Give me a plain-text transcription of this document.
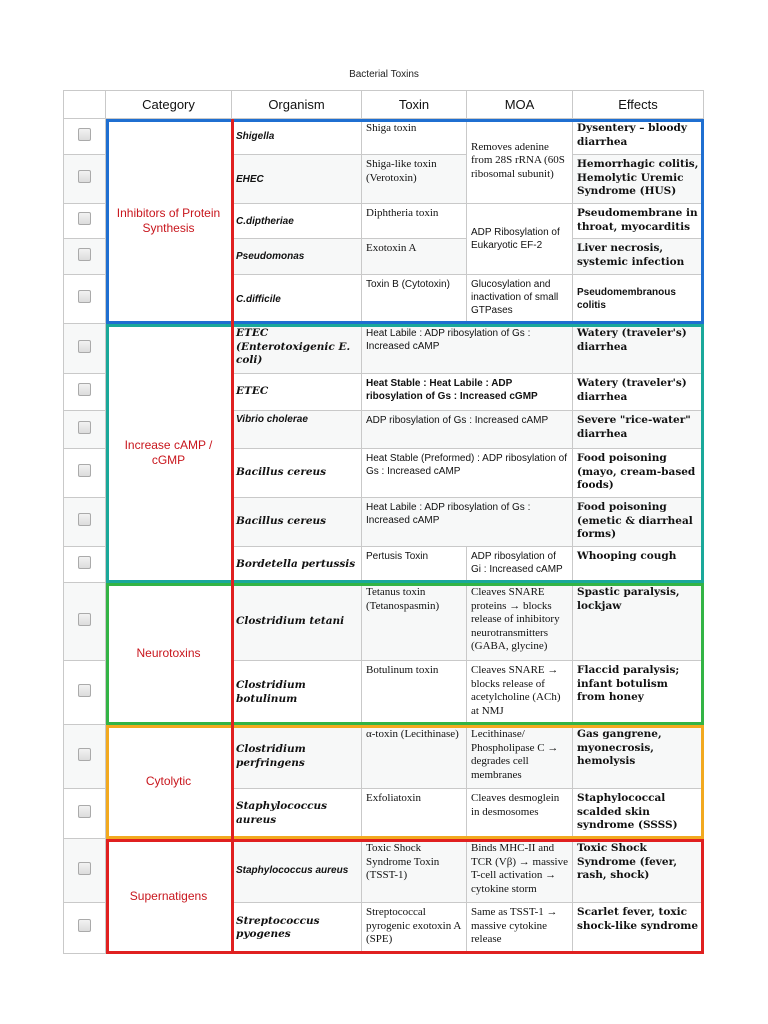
Bacterial Toxins
	Category	Organism	Toxin	MOA	Effects
	Inhibitors of Protein Synthesis	Shigella	Shiga toxin	Removes adenine from 28S rRNA (60S ribosomal subunit)	Dysentery – bloody diarrhea
		EHEC	Shiga-like toxin (Verotoxin)		Hemorrhagic colitis, Hemolytic Uremic Syndrome (HUS)
		C.diptheriae	Diphtheria toxin	ADP Ribosylation of Eukaryotic EF-2	Pseudomembrane in throat, myocarditis
		Pseudomonas	Exotoxin A		Liver necrosis, systemic infection
		C.difficile	Toxin B (Cytotoxin)	Glucosylation and inactivation of small GTPases	Pseudomembranous colitis
	Increase cAMP / cGMP	ETEC (Enterotoxigenic E. coli)	Heat Labile : ADP ribosylation of Gs : Increased cAMP		Watery (traveler's) diarrhea
		ETEC	Heat Stable : Heat Labile : ADP ribosylation of Gs : Increased cGMP		Watery (traveler's) diarrhea
		Vibrio cholerae	ADP ribosylation of Gs : Increased cAMP		Severe "rice-water" diarrhea
		Bacillus cereus	Heat Stable (Preformed) : ADP ribosylation of Gs : Increased cAMP		Food poisoning (mayo, cream-based foods)
		Bacillus cereus	Heat Labile : ADP ribosylation of Gs : Increased cAMP		Food poisoning (emetic & diarrheal forms)
		Bordetella pertussis	Pertusis Toxin	ADP ribosylation of Gi : Increased cAMP	Whooping cough
	Neurotoxins	Clostridium tetani	Tetanus toxin (Tetanospasmin)	Cleaves SNARE proteins → blocks release of inhibitory neurotransmitters (GABA, glycine)	Spastic paralysis, lockjaw
		Clostridium botulinum	Botulinum toxin	Cleaves SNARE → blocks release of acetylcholine (ACh) at NMJ	Flaccid paralysis; infant botulism from honey
	Cytolytic	Clostridium perfringens	α-toxin (Lecithinase)	Lecithinase/ Phospholipase C → degrades cell membranes	Gas gangrene, myonecrosis, hemolysis
		Staphylococcus aureus	Exfoliatoxin	Cleaves desmoglein in desmosomes	Staphylococcal scalded skin syndrome (SSSS)
	Supernatigens	Staphylococcus aureus	Toxic Shock Syndrome Toxin (TSST-1)	Binds MHC-II and TCR (Vβ) → massive T-cell activation → cytokine storm	Toxic Shock Syndrome (fever, rash, shock)
		Streptococcus pyogenes	Streptococcal pyrogenic exotoxin A (SPE)	Same as TSST-1 → massive cytokine release	Scarlet fever, toxic shock-like syndrome
